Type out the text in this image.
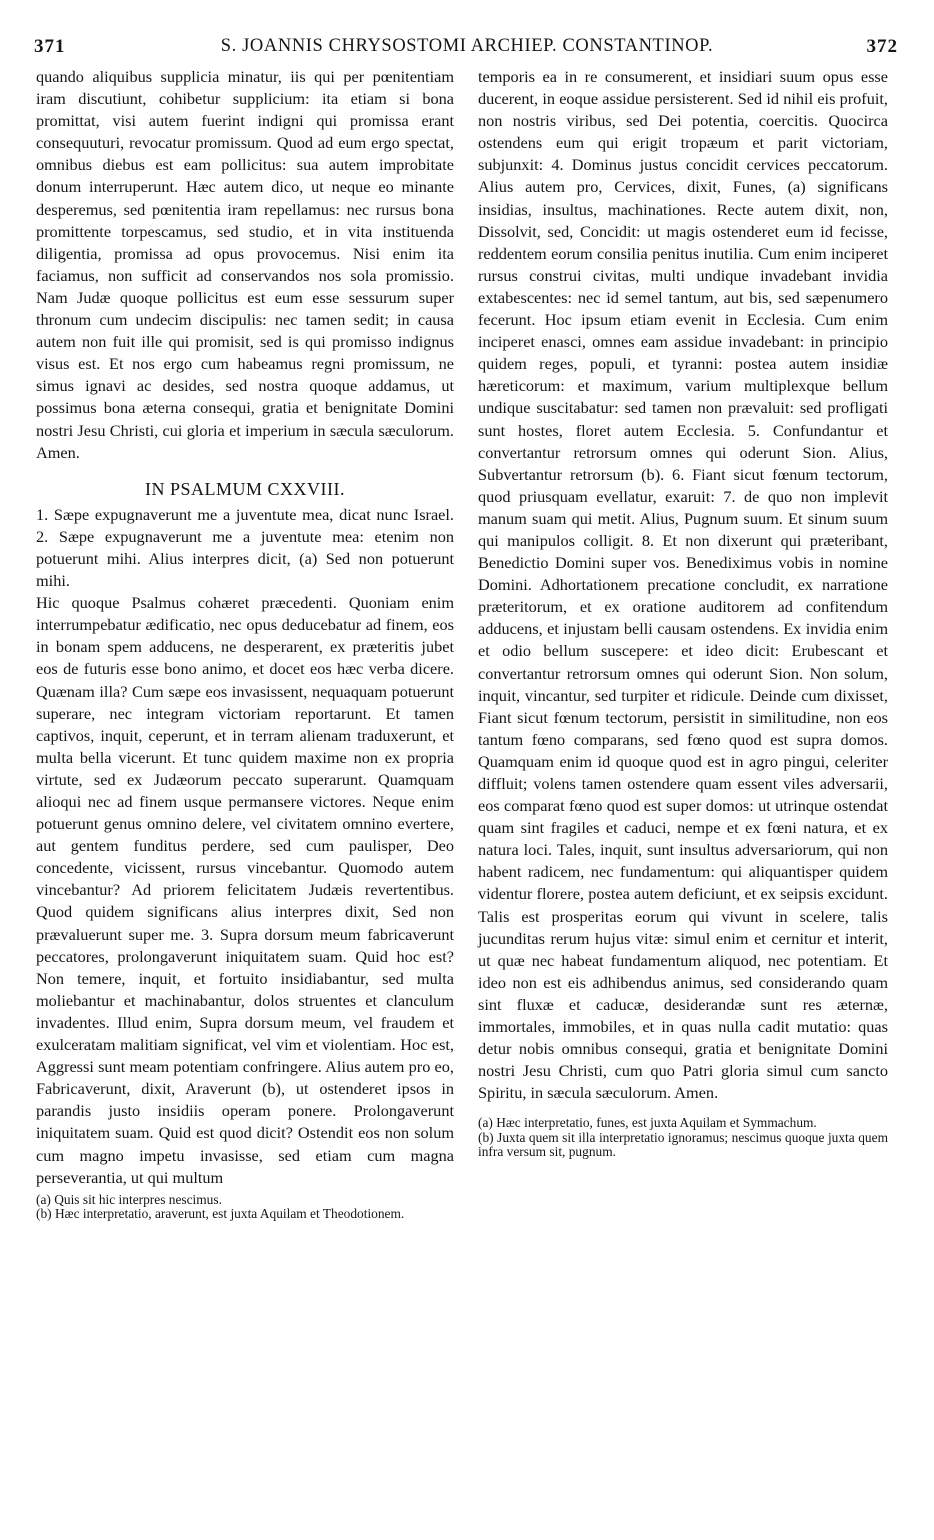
371	S. JOANNIS CHRYSOSTOMI ARCHIEP. CONSTANTINOP.	372

quando aliquibus supplicia minatur, iis qui per pœnitentiam iram discutiunt, cohibetur supplicium: ita etiam si bona promittat, visi autem fuerint indigni qui promissa erant consequuturi, revocatur promissum. Quod ad eum ergo spectat, omnibus diebus est eam pollicitus: sua autem improbitate donum interruperunt. Hæc autem dico, ut neque eo minante desperemus, sed pœnitentia iram repellamus: nec rursus bona promittente torpescamus, sed studio, et in vita instituenda diligentia, promissa ad opus provocemus. Nisi enim ita faciamus, non sufficit ad conservandos nos sola promissio. Nam Judæ quoque pollicitus est eum esse sessurum super thronum cum undecim discipulis: nec tamen sedit; in causa autem non fuit ille qui promisit, sed is qui promisso indignus visus est. Et nos ergo cum habeamus regni promissum, ne simus ignavi ac desides, sed nostra quoque addamus, ut possimus bona æterna consequi, gratia et benignitate Domini nostri Jesu Christi, cui gloria et imperium in sæcula sæculorum. Amen.

IN PSALMUM CXXVIII.

1. Sæpe expugnaverunt me a juventute mea, dicat nunc Israel. 2. Sæpe expugnaverunt me a juventute mea: etenim non potuerunt mihi. Alius interpres dicit, (a) Sed non potuerunt mihi.

Hic quoque Psalmus cohæret præcedenti. Quoniam enim interrumpebatur ædificatio, nec opus deducebatur ad finem, eos in bonam spem adducens, ne desperarent, ex præteritis jubet eos de futuris esse bono animo, et docet eos hæc verba dicere. Quænam illa? Cum sæpe eos invasissent, nequaquam potuerunt superare, nec integram victoriam reportarunt. Et tamen captivos, inquit, ceperunt, et in terram alienam traduxerunt, et multa bella vicerunt. Et tunc quidem maxime non ex propria virtute, sed ex Judæorum peccato superarunt. Quamquam alioqui nec ad finem usque permansere victores. Neque enim potuerunt genus omnino delere, vel civitatem omnino evertere, aut gentem funditus perdere, sed cum paulisper, Deo concedente, vicissent, rursus vincebantur. Quomodo autem vincebantur? Ad priorem felicitatem Judæis revertentibus. Quod quidem significans alius interpres dixit, Sed non prævaluerunt super me. 3. Supra dorsum meum fabricaverunt peccatores, prolongaverunt iniquitatem suam. Quid hoc est? Non temere, inquit, et fortuito insidiabantur, sed multa moliebantur et machinabantur, dolos struentes et clanculum invadentes. Illud enim, Supra dorsum meum, vel fraudem et exulceratam malitiam significat, vel vim et violentiam. Hoc est, Aggressi sunt meam potentiam confringere. Alius autem pro eo, Fabricaverunt, dixit, Araverunt (b), ut ostenderet ipsos in parandis justo insidiis operam ponere. Prolongaverunt iniquitatem suam. Quid est quod dicit? Ostendit eos non solum cum magno impetu invasisse, sed etiam cum magna perseverantia, ut qui multum

(a) Quis sit hic interpres nescimus.

(b) Hæc interpretatio, araverunt, est juxta Aquilam et Theodotionem.

temporis ea in re consumerent, et insidiari suum opus esse ducerent, in eoque assidue persisterent. Sed id nihil eis profuit, non nostris viribus, sed Dei potentia, coercitis. Quocirca ostendens eum qui erigit tropæum et parit victoriam, subjunxit: 4. Dominus justus concidit cervices peccatorum. Alius autem pro, Cervices, dixit, Funes, (a) significans insidias, insultus, machinationes. Recte autem dixit, non, Dissolvit, sed, Concidit: ut magis ostenderet eum id fecisse, reddentem eorum consilia penitus inutilia. Cum enim inciperet rursus construi civitas, multi undique invadebant invidia extabescentes: nec id semel tantum, aut bis, sed sæpenumero fecerunt. Hoc ipsum etiam evenit in Ecclesia. Cum enim inciperet enasci, omnes eam assidue invadebant: in principio quidem reges, populi, et tyranni: postea autem insidiæ hæreticorum: et maximum, varium multiplexque bellum undique suscitabatur: sed tamen non prævaluit: sed profligati sunt hostes, floret autem Ecclesia. 5. Confundantur et convertantur retrorsum omnes qui oderunt Sion. Alius, Subvertantur retrorsum (b). 6. Fiant sicut fœnum tectorum, quod priusquam evellatur, exaruit: 7. de quo non implevit manum suam qui metit. Alius, Pugnum suum. Et sinum suum qui manipulos colligit. 8. Et non dixerunt qui præteribant, Benedictio Domini super vos. Benediximus vobis in nomine Domini. Adhortationem precatione concludit, ex narratione præteritorum, et ex oratione auditorem ad confitendum adducens, et injustam belli causam ostendens. Ex invidia enim et odio bellum suscepere: et ideo dicit: Erubescant et convertantur retrorsum omnes qui oderunt Sion. Non solum, inquit, vincantur, sed turpiter et ridicule. Deinde cum dixisset, Fiant sicut fœnum tectorum, persistit in similitudine, non eos tantum fœno comparans, sed fœno quod est supra domos. Quamquam enim id quoque quod est in agro pingui, celeriter diffluit; volens tamen ostendere quam essent viles adversarii, eos comparat fœno quod est super domos: ut utrinque ostendat quam sint fragiles et caduci, nempe et ex fœni natura, et ex natura loci. Tales, inquit, sunt insultus adversariorum, qui non habent radicem, nec fundamentum: qui aliquantisper quidem videntur florere, postea autem deficiunt, et ex seipsis excidunt. Talis est prosperitas eorum qui vivunt in scelere, talis jucunditas rerum hujus vitæ: simul enim et cernitur et interit, ut quæ nec habeat fundamentum aliquod, nec potentiam. Et ideo non est eis adhibendus animus, sed considerando quam sint fluxæ et caducæ, desiderandæ sunt res æternæ, immortales, immobiles, et in quas nulla cadit mutatio: quas detur nobis omnibus consequi, gratia et benignitate Domini nostri Jesu Christi, cum quo Patri gloria simul cum sancto Spiritu, in sæcula sæculorum. Amen.

(a) Hæc interpretatio, funes, est juxta Aquilam et Symmachum.

(b) Juxta quem sit illa interpretatio ignoramus; nescimus quoque juxta quem infra versum sit, pugnum.
